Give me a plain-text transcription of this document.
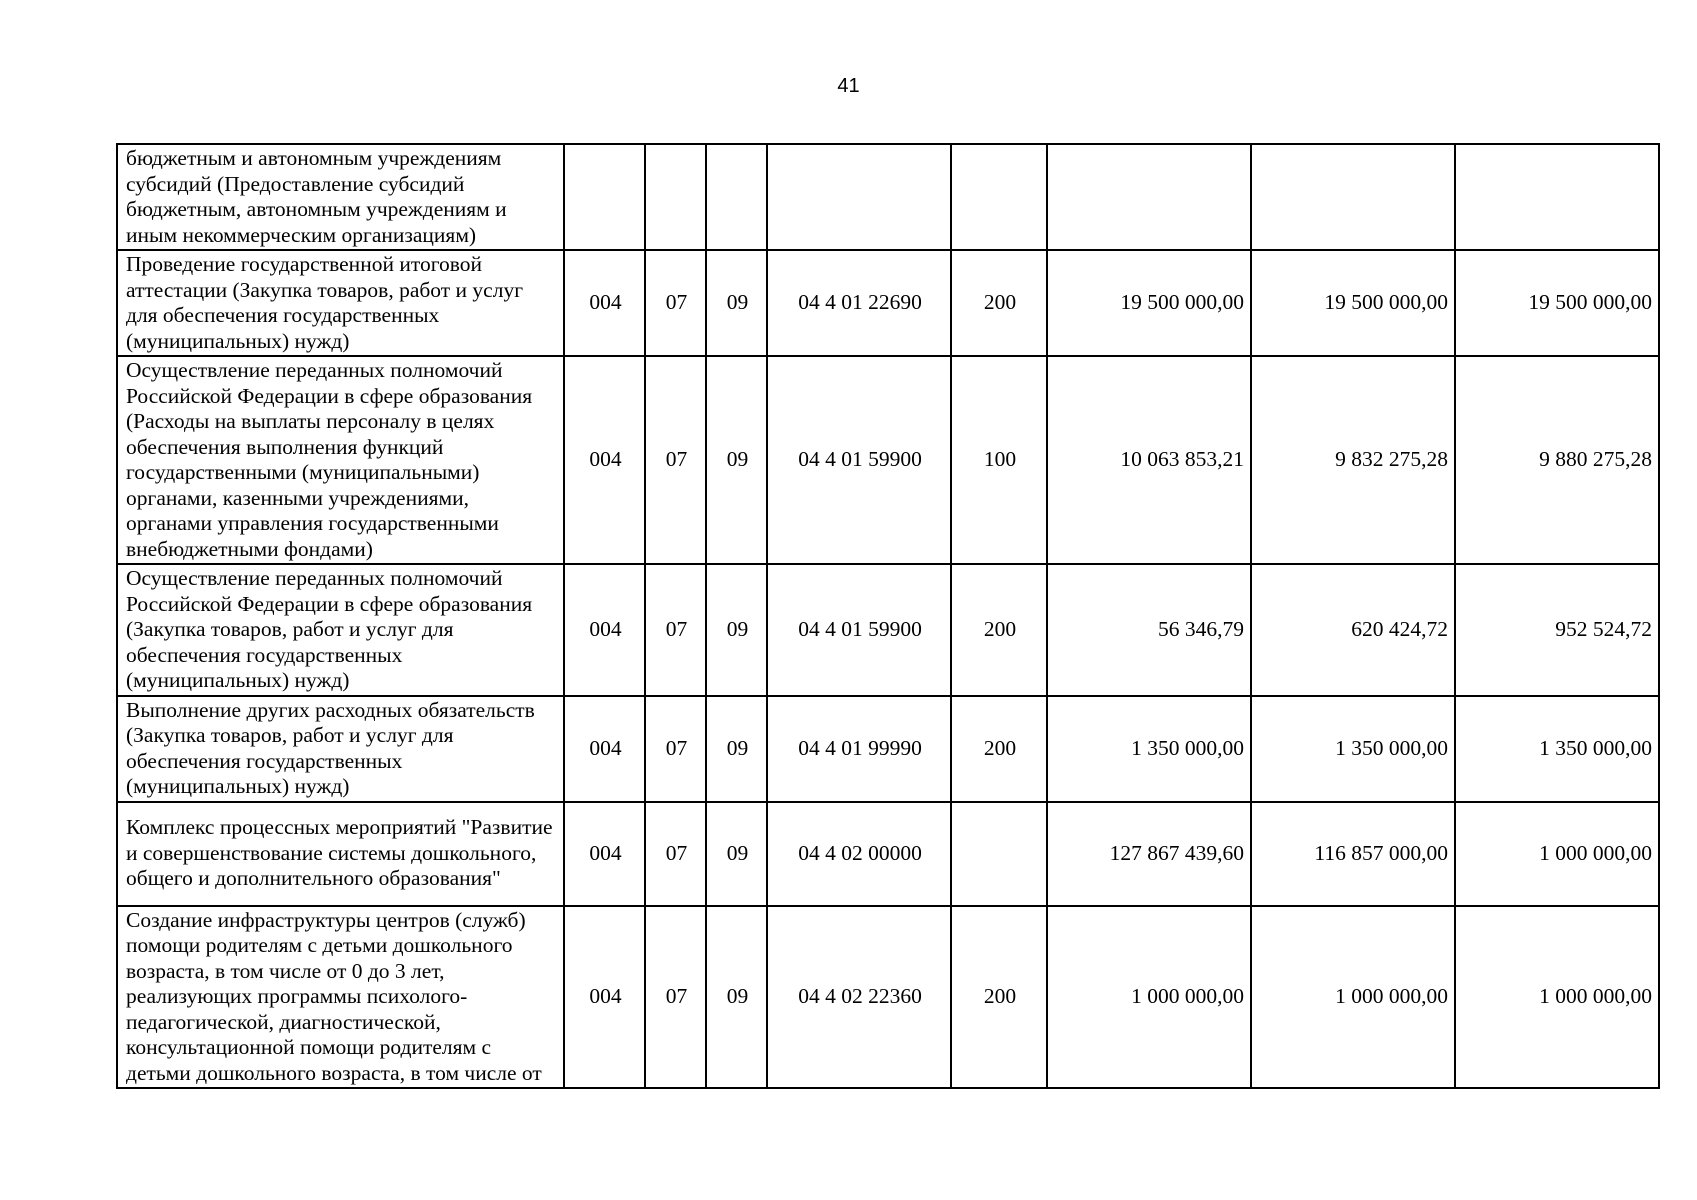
41
бюджетным и автономным учреждениям субсидий (Предоставление субсидий бюджетным, автономным учреждениям и иным некоммерческим организациям)								
Проведение государственной итоговой аттестации (Закупка товаров, работ и услуг для обеспечения государственных (муниципальных) нужд)	004	07	09	04 4 01 22690	200	19 500 000,00	19 500 000,00	19 500 000,00
Осуществление переданных полномочий Российской Федерации в сфере образования (Расходы на выплаты персоналу в целях обеспечения выполнения функций государственными (муниципальными) органами, казенными учреждениями, органами управления государственными внебюджетными фондами)	004	07	09	04 4 01 59900	100	10 063 853,21	9 832 275,28	9 880 275,28
Осуществление переданных полномочий Российской Федерации в сфере образования (Закупка товаров, работ и услуг для обеспечения государственных (муниципальных) нужд)	004	07	09	04 4 01 59900	200	56 346,79	620 424,72	952 524,72
Выполнение других расходных обязательств (Закупка товаров, работ и услуг для обеспечения государственных (муниципальных) нужд)	004	07	09	04 4 01 99990	200	1 350 000,00	1 350 000,00	1 350 000,00
Комплекс процессных мероприятий "Развитие и совершенствование системы дошкольного, общего и дополнительного образования"	004	07	09	04 4 02 00000		127 867 439,60	116 857 000,00	1 000 000,00
Создание инфраструктуры центров (служб) помощи родителям с детьми дошкольного возраста, в том числе от 0 до 3 лет, реализующих программы психолого-педагогической, диагностической, консультационной помощи родителям с детьми дошкольного возраста, в том числе от	004	07	09	04 4 02 22360	200	1 000 000,00	1 000 000,00	1 000 000,00
